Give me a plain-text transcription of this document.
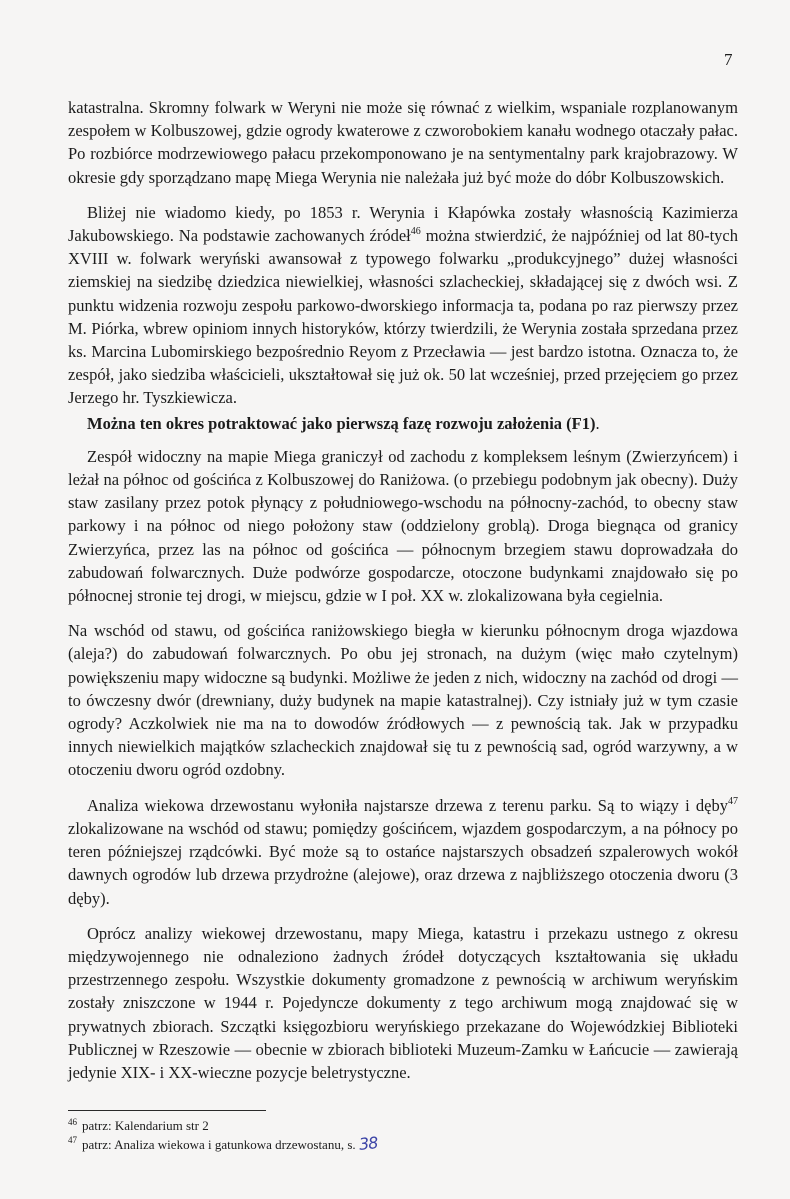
7

katastralna. Skromny folwark w Weryni nie może się równać z wielkim, wspaniale rozplanowanym zespołem w Kolbuszowej, gdzie ogrody kwaterowe z czworobokiem kanału wodnego otaczały pałac. Po rozbiórce modrzewiowego pałacu przekomponowano je na sentymentalny park krajobrazowy. W okresie gdy sporządzano mapę Miega Werynia nie należała już być może do dóbr Kolbuszowskich.

Bliżej nie wiadomo kiedy, po 1853 r. Werynia i Kłapówka zostały własnością Kazimierza Jakubowskiego. Na podstawie zachowanych źródeł$^{46}$ można stwierdzić, że najpóźniej od lat 80-tych XVIII w. folwark weryński awansował z typowego folwarku „produkcyjnego” dużej własności ziemskiej na siedzibę dziedzica niewielkiej, własności szlacheckiej, składającej się z dwóch wsi. Z punktu widzenia rozwoju zespołu parkowo-dworskiego informacja ta, podana po raz pierwszy przez M. Piórka, wbrew opiniom innych historyków, którzy twierdzili, że Werynia została sprzedana przez ks. Marcina Lubomirskiego bezpośrednio Reyom z Przecławia — jest bardzo istotna. Oznacza to, że zespół, jako siedziba właścicieli, ukształtował się już ok. 50 lat wcześniej, przed przejęciem go przez Jerzego hr. Tyszkiewicza.

Można ten okres potraktować jako pierwszą fazę rozwoju założenia (F1).

Zespół widoczny na mapie Miega graniczył od zachodu z kompleksem leśnym (Zwierzyńcem) i leżał na północ od gościńca z Kolbuszowej do Raniżowa. (o przebiegu podobnym jak obecny). Duży staw zasilany przez potok płynący z południowego-wschodu na północny-zachód, to obecny staw parkowy i na północ od niego położony staw (oddzielony groblą). Droga biegnąca od granicy Zwierzyńca, przez las na północ od gościńca — północnym brzegiem stawu doprowadzała do zabudowań folwarcznych. Duże podwórze gospodarcze, otoczone budynkami znajdowało się po północnej stronie tej drogi, w miejscu, gdzie w I poł. XX w. zlokalizowana była cegielnia.

Na wschód od stawu, od gościńca raniżowskiego biegła w kierunku północnym droga wjazdowa (aleja?) do zabudowań folwarcznych. Po obu jej stronach, na dużym (więc mało czytelnym) powiększeniu mapy widoczne są budynki. Możliwe że jeden z nich, widoczny na zachód od drogi — to ówczesny dwór (drewniany, duży budynek na mapie katastralnej). Czy istniały już w tym czasie ogrody? Aczkolwiek nie ma na to dowodów źródłowych — z pewnością tak. Jak w przypadku innych niewielkich majątków szlacheckich znajdował się tu z pewnością sad, ogród warzywny, a w otoczeniu dworu ogród ozdobny.

Analiza wiekowa drzewostanu wyłoniła najstarsze drzewa z terenu parku. Są to wiązy i dęby$^{47}$ zlokalizowane na wschód od stawu; pomiędzy gościńcem, wjazdem gospodarczym, a na północy po teren późniejszej rządcówki. Być może są to ostańce najstarszych obsadzeń szpalerowych wokół dawnych ogrodów lub drzewa przydrożne (alejowe), oraz drzewa z najbliższego otoczenia dworu (3 dęby).

Oprócz analizy wiekowej drzewostanu, mapy Miega, katastru i przekazu ustnego z okresu międzywojennego nie odnaleziono żadnych źródeł dotyczących kształtowania się układu przestrzennego zespołu. Wszystkie dokumenty gromadzone z pewnością w archiwum weryńskim zostały zniszczone w 1944 r. Pojedyncze dokumenty z tego archiwum mogą znajdować się w prywatnych zbiorach. Szczątki księgozbioru weryńskiego przekazane do Wojewódzkiej Biblioteki Publicznej w Rzeszowie — obecnie w zbiorach biblioteki Muzeum-Zamku w Łańcucie — zawierają jedynie XIX- i XX-wieczne pozycje beletrystyczne.

46 patrz: Kalendarium str 2
47 patrz: Analiza wiekowa i gatunkowa drzewostanu, s. 38
